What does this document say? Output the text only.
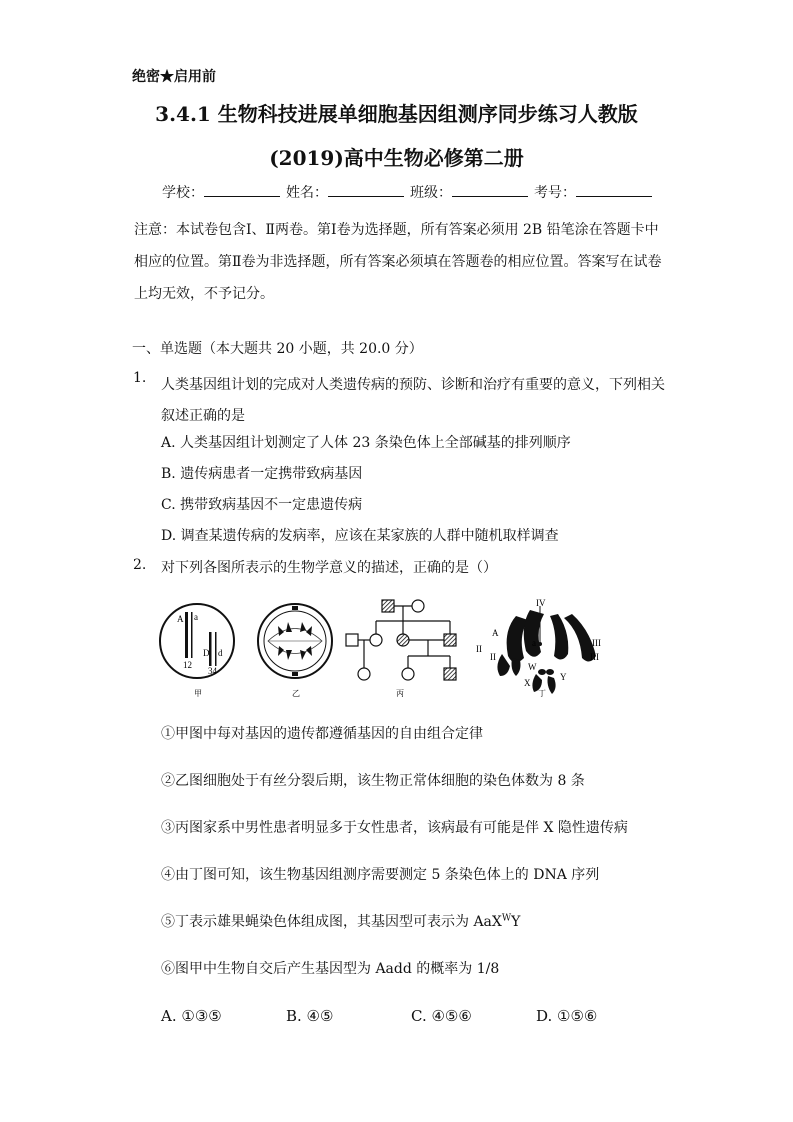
绝密★启用前
3.4.1 生物科技进展单细胞基因组测序同步练习人教版
(2019)高中生物必修第二册
学校：	姓名：	班级：	考号：
注意：本试卷包含Ⅰ、Ⅱ两卷。第Ⅰ卷为选择题，所有答案必须用 2B 铅笔涂在答题卡中相应的位置。第Ⅱ卷为非选择题，所有答案必须填在答题卷的相应位置。答案写在试卷上均无效，不予记分。
一、单选题（本大题共 20 小题，共 20.0 分）
1. 人类基因组计划的完成对人类遗传病的预防、诊断和治疗有重要的意义，下列相关叙述正确的是
A. 人类基因组计划测定了人体 23 条染色体上全部碱基的排列顺序
B. 遗传病患者一定携带致病基因
C. 携带致病基因不一定患遗传病
D. 调查某遗传病的发病率，应该在某家族的人群中随机取样调查
2. 对下列各图所表示的生物学意义的描述，正确的是（）
A a
12
D d
34
甲	乙	丙
IV
A
a
II
II
III
III
W
X
Y
丁
①甲图中每对基因的遗传都遵循基因的自由组合定律
②乙图细胞处于有丝分裂后期，该生物正常体细胞的染色体数为 8 条
③丙图家系中男性患者明显多于女性患者，该病最有可能是伴 X 隐性遗传病
④由丁图可知，该生物基因组测序需要测定 5 条染色体上的 DNA 序列
⑤丁表示雄果蝇染色体组成图，其基因型可表示为 AaX$^W$Y
⑥图甲中生物自交后产生基因型为 Aadd 的概率为 1/8
A. ①③⑤	B. ④⑤	C. ④⑤⑥	D. ①⑤⑥
